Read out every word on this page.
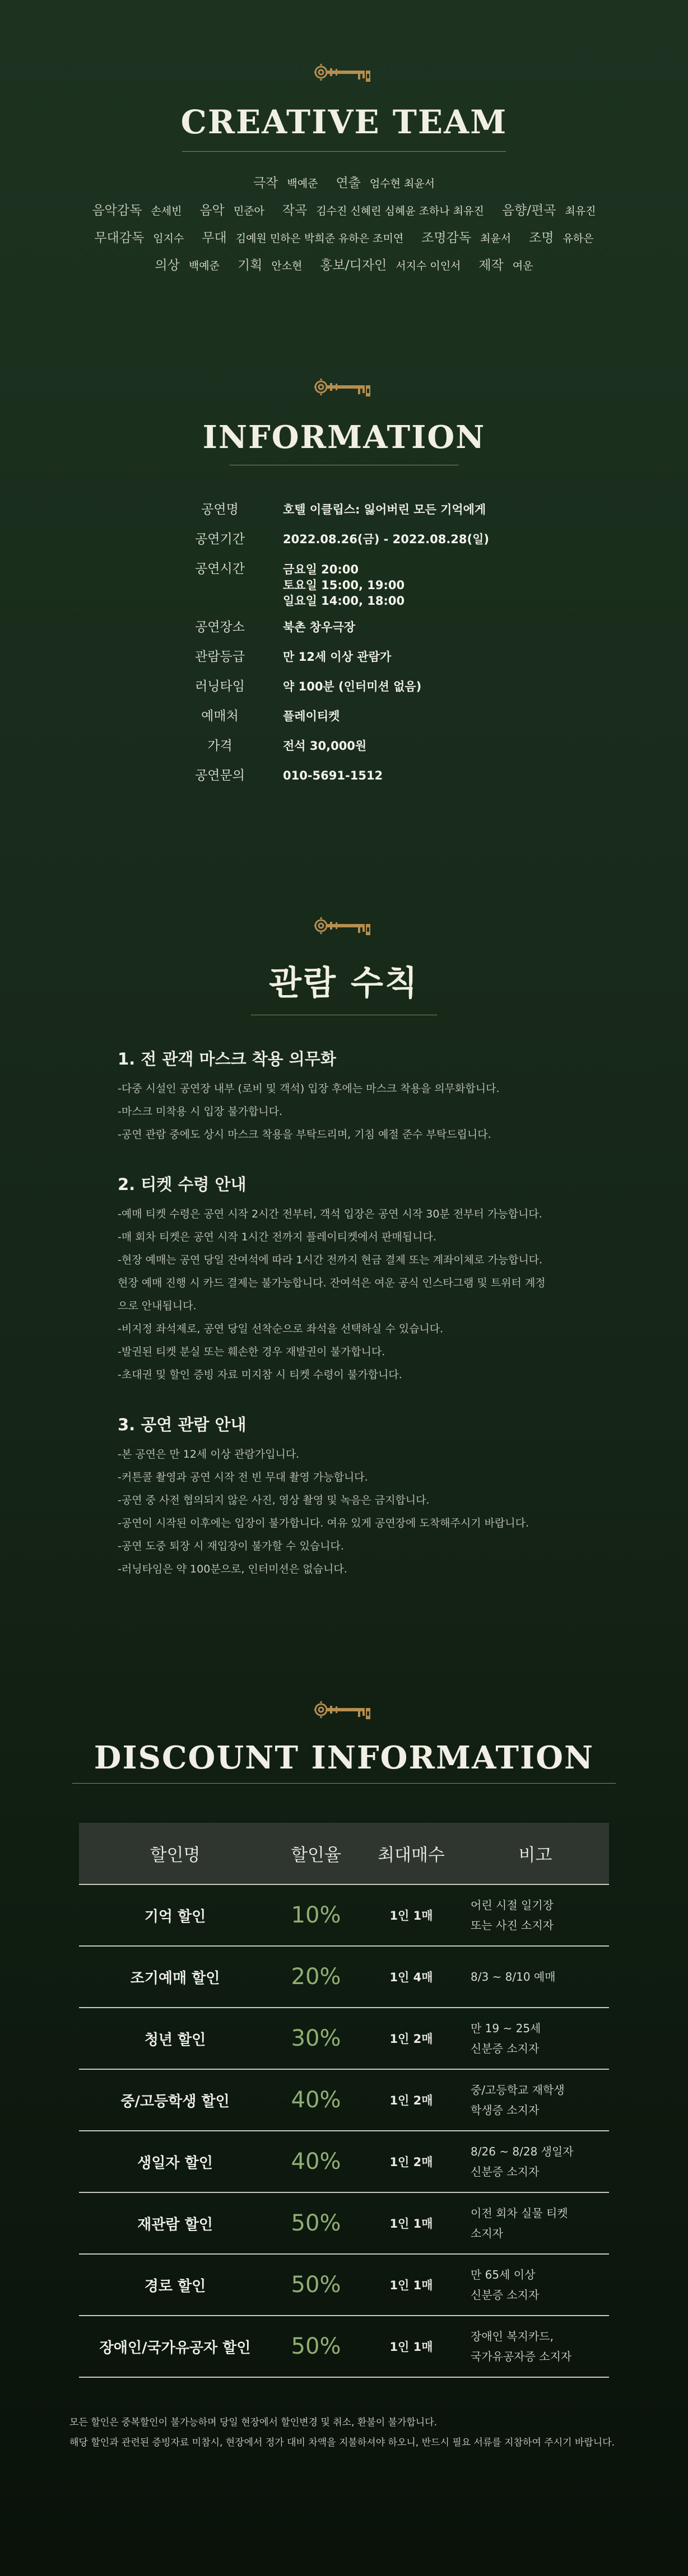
CREATIVE TEAM
극작 백예준 연출 엄수현 최윤서
음악감독 손세빈 음악 민준아 작곡 김수진 신혜린 심혜윤 조하나 최유진 음향/편곡 최유진
무대감독 임지수 무대 김예원 민하은 박희준 유하은 조미연 조명감독 최윤서 조명 유하은
의상 백예준 기획 안소현 홍보/디자인 서지수 이인서 제작 여운
INFORMATION
공연명	호텔 이클립스: 잃어버린 모든 기억에게
공연기간	2022.08.26(금) - 2022.08.28(일)
공연시간	금요일 20:00
토요일 15:00, 19:00
일요일 14:00, 18:00
공연장소	북촌 창우극장
관람등급	만 12세 이상 관람가
러닝타임	약 100분 (인터미션 없음)
예매처	플레이티켓
가격	전석 30,000원
공연문의	010-5691-1512
관람 수칙
1. 전 관객 마스크 착용 의무화
-다중 시설인 공연장 내부 (로비 및 객석) 입장 후에는 마스크 착용을 의무화합니다.
-마스크 미착용 시 입장 불가합니다.
-공연 관람 중에도 상시 마스크 착용을 부탁드리며, 기침 예절 준수 부탁드립니다.
2. 티켓 수령 안내
-예매 티켓 수령은 공연 시작 2시간 전부터, 객석 입장은 공연 시작 30분 전부터 가능합니다.
-매 회차 티켓은 공연 시작 1시간 전까지 플레이티켓에서 판매됩니다.
-현장 예매는 공연 당일 잔여석에 따라 1시간 전까지 현금 결제 또는 계좌이체로 가능합니다.
현장 예매 진행 시 카드 결제는 불가능합니다. 잔여석은 여운 공식 인스타그램 및 트위터 계정
으로 안내됩니다.
-비지정 좌석제로, 공연 당일 선착순으로 좌석을 선택하실 수 있습니다.
-발권된 티켓 분실 또는 훼손한 경우 재발권이 불가합니다.
-초대권 및 할인 증빙 자료 미지참 시 티켓 수령이 불가합니다.
3. 공연 관람 안내
-본 공연은 만 12세 이상 관람가입니다.
-커튼콜 촬영과 공연 시작 전 빈 무대 촬영 가능합니다.
-공연 중 사전 협의되지 않은 사진, 영상 촬영 및 녹음은 금지합니다.
-공연이 시작된 이후에는 입장이 불가합니다. 여유 있게 공연장에 도착해주시기 바랍니다.
-공연 도중 퇴장 시 재입장이 불가할 수 있습니다.
-러닝타임은 약 100분으로, 인터미션은 없습니다.
DISCOUNT INFORMATION
할인명	할인율	최대매수	비고
기억 할인	10%	1인 1매	어린 시절 일기장
또는 사진 소지자

조기예매 할인	20%	1인 4매	8/3 ~ 8/10 예매

청년 할인	30%	1인 2매	만 19 ~ 25세
신분증 소지자

중/고등학생 할인	40%	1인 2매	중/고등학교 재학생
학생증 소지자

생일자 할인	40%	1인 2매	8/26 ~ 8/28 생일자
신분증 소지자

재관람 할인	50%	1인 1매	이전 회차 실물 티켓
소지자

경로 할인	50%	1인 1매	만 65세 이상
신분증 소지자

장애인/국가유공자 할인	50%	1인 1매	장애인 복지카드,
국가유공자증 소지자
모든 할인은 중복할인이 불가능하며 당일 현장에서 할인변경 및 취소, 환불이 불가합니다.
해당 할인과 관련된 증빙자료 미참시, 현장에서 정가 대비 차액을 지불하셔야 하오니, 반드시 필요 서류를 지참하여 주시기 바랍니다.
